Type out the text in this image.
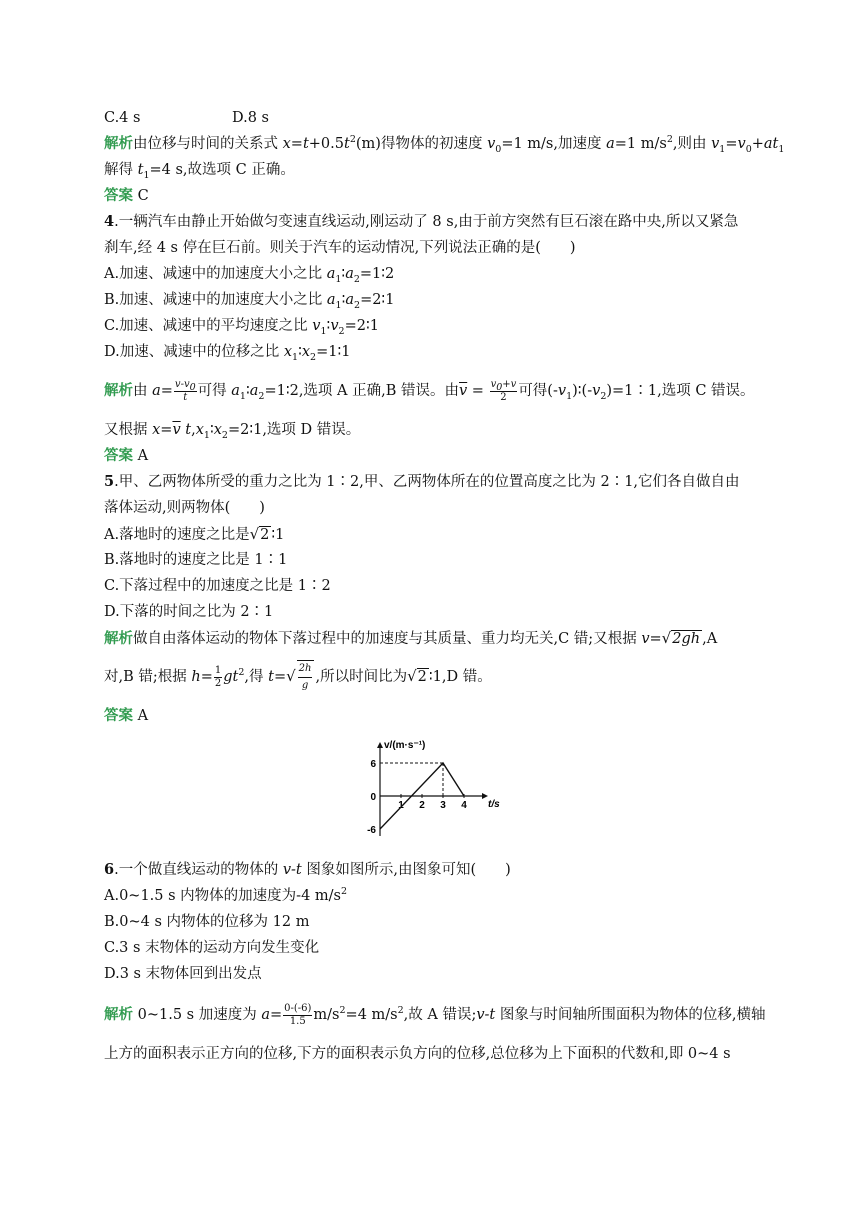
C.4 s	D.8 s
解析由位移与时间的关系式 $x=t+0.5t^2(m)$得物体的初速度 $v_0=1$ m/s,加速度 a=1 $m/s^2$,则由 $v_1=v_0+at_1$
解得 $t_1=4$ s,故选项 C 正确。
答案 C
4.一辆汽车由静止开始做匀变速直线运动,刚运动了 8 s,由于前方突然有巨石滚在路中央,所以又紧急
刹车,经 4 s 停在巨石前。则关于汽车的运动情况,下列说法正确的是(　　)
A.加速、减速中的加速度大小之比 $a_1∶a_2=1∶2$
B.加速、减速中的加速度大小之比 $a_1∶a_2=2∶1$
C.加速、减速中的平均速度之比 $v_1∶v_2=2∶1$
D.加速、减速中的位移之比 $x_1∶x_2=1∶1$
解析由 $a= \frac{v-v_0}{t}$ 可得 $a_1∶a_2=1∶2$,选项 A 正确,B 错误。由$\overline{v} = \frac{v_0+v}{2}$ 可得$(-v_1)∶(-v_2)=1∶1$,选项 C 错误。
又根据 $x=\overline{v}$ $t,x_1∶x_2=2∶1$,选项 D 错误。
答案 A
5.甲、乙两物体所受的重力之比为 1∶2,甲、乙两物体所在的位置高度之比为 2∶1,它们各自做自由
落体运动,则两物体(　　)
A.落地时的速度之比是√2 ∶1
B.落地时的速度之比是 1∶1
C.下落过程中的加速度之比是 1∶2
D.下落的时间之比为 2∶1
解析做自由落体运动的物体下落过程中的加速度与其质量、重力均无关,C 错;又根据 v=√2gh ,A
对,B 错;根据 $h= \frac{1}{2} gt^2$,得 $t=√ \frac{2h}{g}$ ,所以时间比为√2 ∶1,D 错。
答案 A
v/(m·s⁻¹)
t/s
6
0
-6
1 2 3 4
6.一个做直线运动的物体的 v-t 图象如图所示,由图象可知(　　)
A.0~1.5 s 内物体的加速度为-4 $m/s^2$
B.0~4 s 内物体的位移为 12 m
C.3 s 末物体的运动方向发生变化
D.3 s 末物体回到出发点
解析 0~1.5 s 加速度为 $a= \frac{0-(-6)}{1.5} m/s^2=4$ $m/s^2$,故 A 错误;v-t 图象与时间轴所围面积为物体的位移,横轴
上方的面积表示正方向的位移,下方的面积表示负方向的位移,总位移为上下面积的代数和,即 0~4 s
